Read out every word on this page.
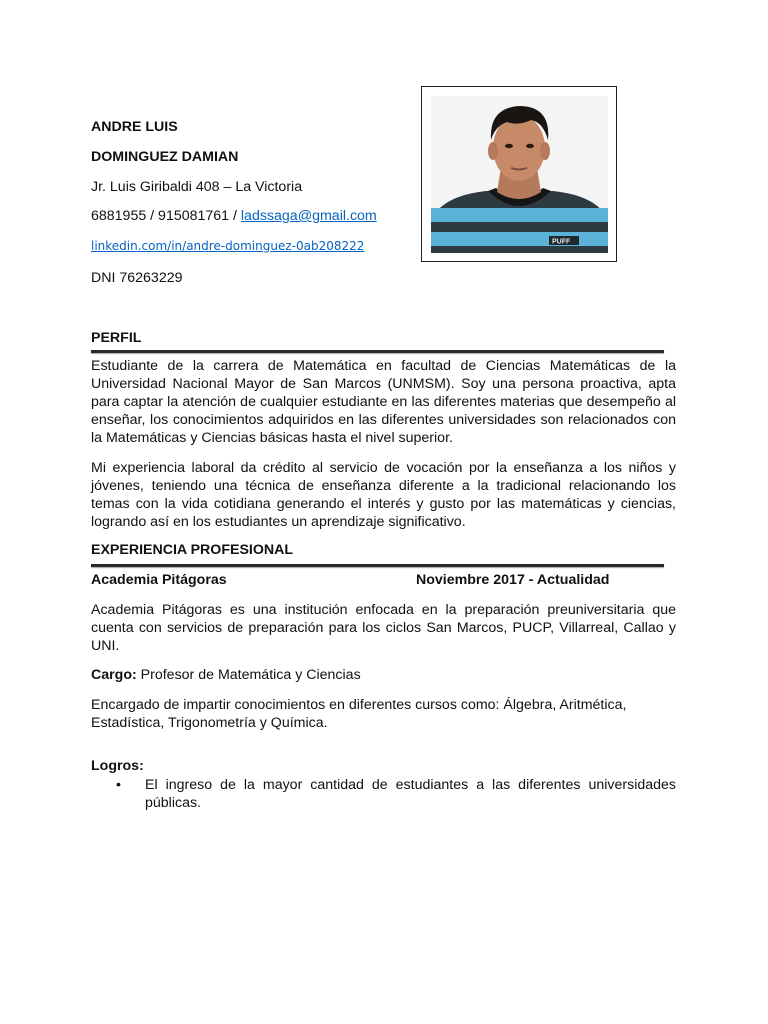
ANDRE LUIS
DOMINGUEZ DAMIAN
Jr. Luis Giribaldi 408 – La Victoria
6881955 / 915081761 / ladssaga@gmail.com
linkedin.com/in/andre-dominguez-0ab208222
DNI 76263229
PUFF
PERFIL
Estudiante de la carrera de Matemática en facultad de Ciencias Matemáticas de la Universidad Nacional Mayor de San Marcos (UNMSM). Soy una persona proactiva, apta para captar la atención de cualquier estudiante en las diferentes materias que desempeño al enseñar, los conocimientos adquiridos en las diferentes universidades son relacionados con la Matemáticas y Ciencias básicas hasta el nivel superior.
Mi experiencia laboral da crédito al servicio de vocación por la enseñanza a los niños y jóvenes, teniendo una técnica de enseñanza diferente a la tradicional relacionando los temas con la vida cotidiana generando el interés y gusto por las matemáticas y ciencias, logrando así en los estudiantes un aprendizaje significativo.
EXPERIENCIA PROFESIONAL
Academia Pitágoras	Noviembre 2017 - Actualidad
Academia Pitágoras es una institución enfocada en la preparación preuniversitaria que cuenta con servicios de preparación para los ciclos San Marcos, PUCP, Villarreal, Callao y UNI.
Cargo: Profesor de Matemática y Ciencias
Encargado de impartir conocimientos en diferentes cursos como: Álgebra, Aritmética, Estadística, Trigonometría y Química.
Logros:
• El ingreso de la mayor cantidad de estudiantes a las diferentes universidades públicas.
